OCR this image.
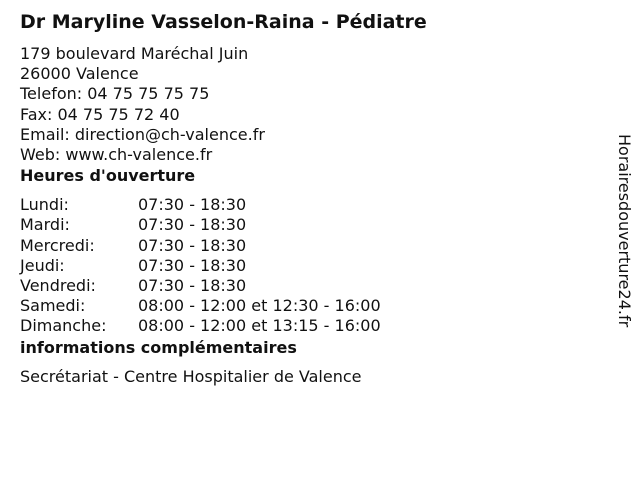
Dr Maryline Vasselon-Raina - Pédiatre
179 boulevard Maréchal Juin
26000 Valence
Telefon: 04 75 75 75 75
Fax: 04 75 75 72 40
Email: direction@ch-valence.fr
Web: www.ch-valence.fr
Heures d'ouverture
Lundi:	07:30 - 18:30
Mardi:	07:30 - 18:30
Mercredi:	07:30 - 18:30
Jeudi:	07:30 - 18:30
Vendredi:	07:30 - 18:30
Samedi:	08:00 - 12:00 et 12:30 - 16:00
Dimanche:	08:00 - 12:00 et 13:15 - 16:00
informations complémentaires
Secrétariat - Centre Hospitalier de Valence
Horairesdouverture24.fr
